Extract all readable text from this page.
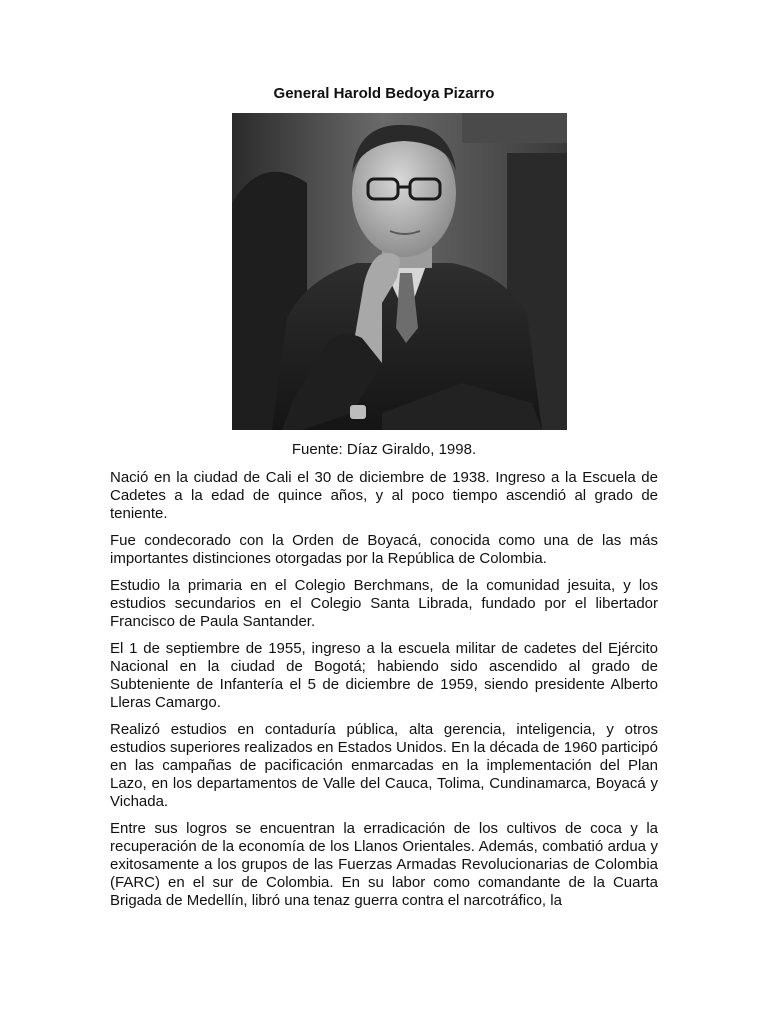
General Harold Bedoya Pizarro
Fuente: Díaz Giraldo, 1998.

Nació en la ciudad de Cali el 30 de diciembre de 1938. Ingreso a la Escuela de Cadetes a la edad de quince años, y al poco tiempo ascendió al grado de teniente.

Fue condecorado con la Orden de Boyacá, conocida como una de las más importantes distinciones otorgadas por la República de Colombia.

Estudio la primaria en el Colegio Berchmans, de la comunidad jesuita, y los estudios secundarios en el Colegio Santa Librada, fundado por el libertador Francisco de Paula Santander.

El 1 de septiembre de 1955, ingreso a la escuela militar de cadetes del Ejército Nacional en la ciudad de Bogotá; habiendo sido ascendido al grado de Subteniente de Infantería el 5 de diciembre de 1959, siendo presidente Alberto Lleras Camargo.

Realizó estudios en contaduría pública, alta gerencia, inteligencia, y otros estudios superiores realizados en Estados Unidos. En la década de 1960 participó en las campañas de pacificación enmarcadas en la implementación del Plan Lazo, en los departamentos de Valle del Cauca, Tolima, Cundinamarca, Boyacá y Vichada.

Entre sus logros se encuentran la erradicación de los cultivos de coca y la recuperación de la economía de los Llanos Orientales. Además, combatió ardua y exitosamente a los grupos de las Fuerzas Armadas Revolucionarias de Colombia (FARC) en el sur de Colombia. En su labor como comandante de la Cuarta Brigada de Medellín, libró una tenaz guerra contra el narcotráfico, la
